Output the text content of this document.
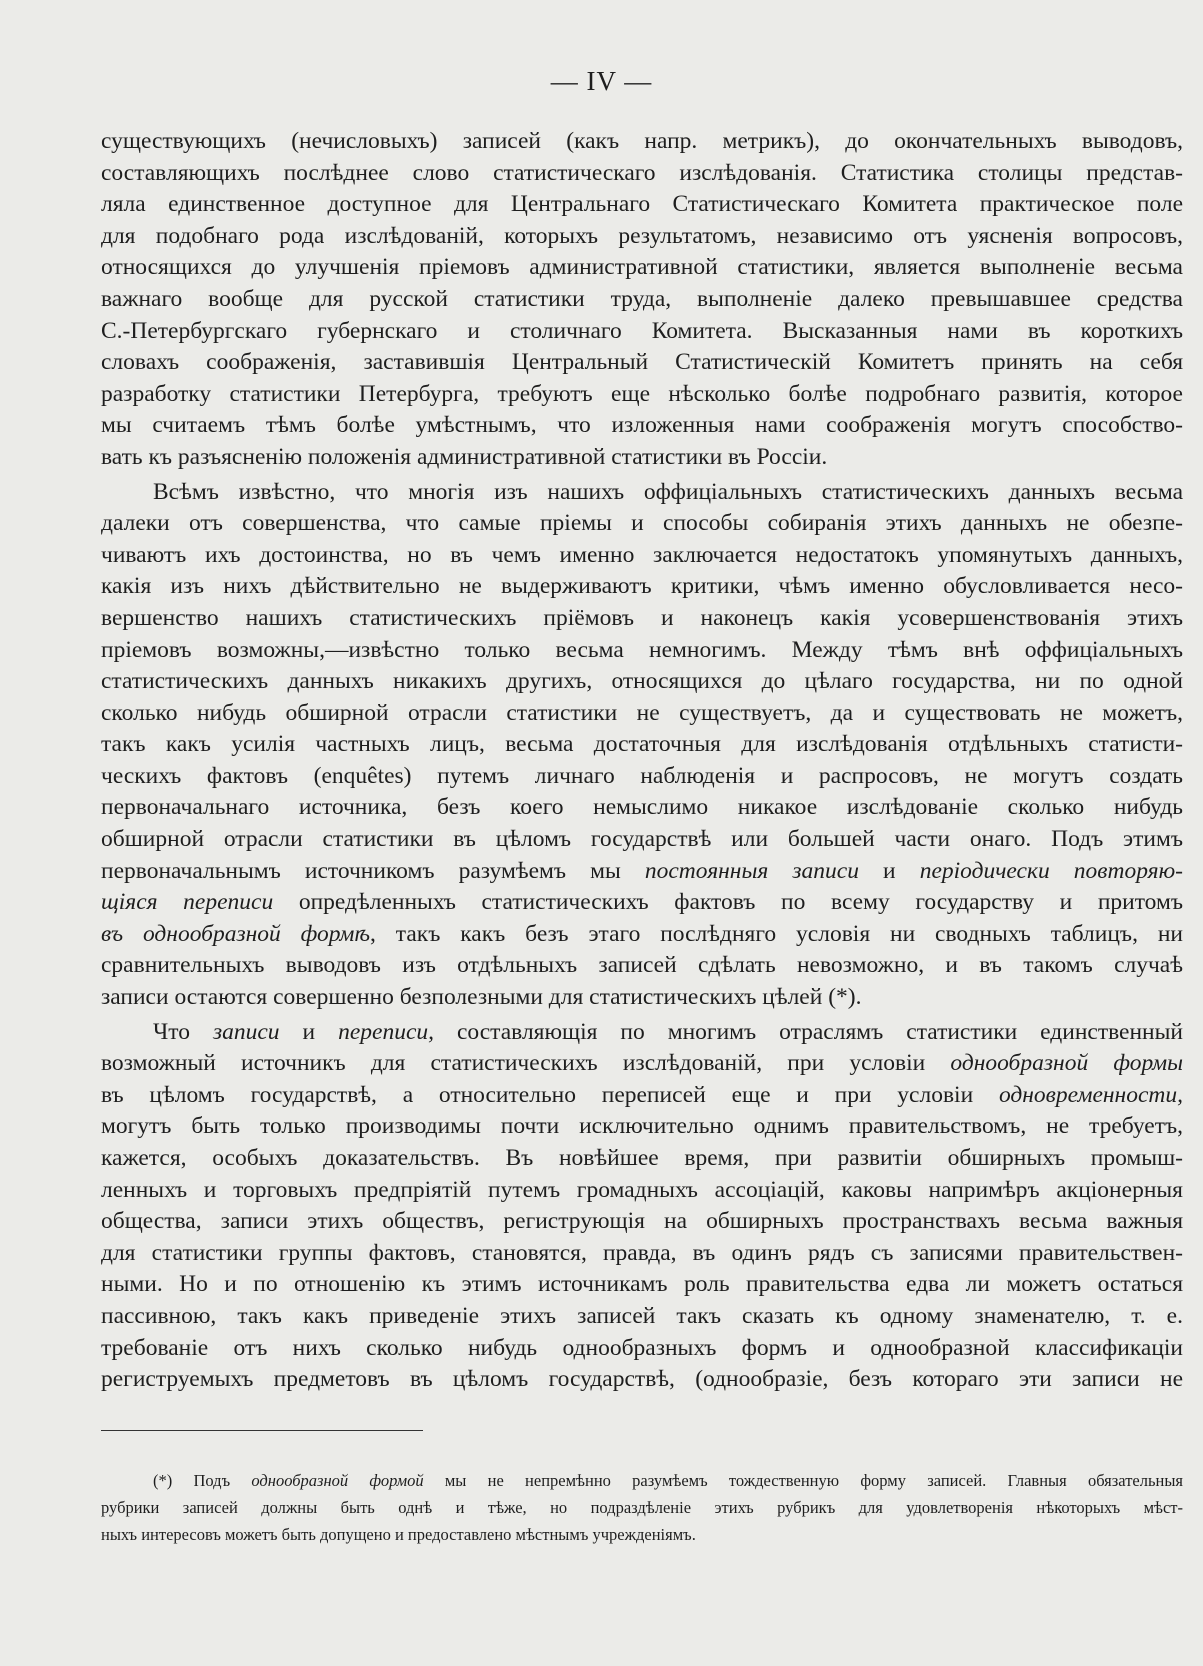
— IV —
существующихъ (нечисловыхъ) записей (какъ напр. метрикъ), до окончательныхъ выводовъ,
составляющихъ послѣднее слово статистическаго изслѣдованія. Статистика столицы представ-
ляла единственное доступное для Центральнаго Статистическаго Комитета практическое поле
для подобнаго рода изслѣдованій, которыхъ результатомъ, независимо отъ уясненія вопросовъ,
относящихся до улучшенія пріемовъ административной статистики, является выполненіе весьма
важнаго вообще для русской статистики труда, выполненіе далеко превышавшее средства
С.-Петербургскаго губернскаго и столичнаго Комитета. Высказанныя нами въ короткихъ
словахъ соображенія, заставившія Центральный Статистическій Комитетъ принять на себя
разработку статистики Петербурга, требуютъ еще нѣсколько болѣе подробнаго развитія, которое
мы считаемъ тѣмъ болѣе умѣстнымъ, что изложенныя нами соображенія могутъ способство-
вать къ разъясненію положенія административной статистики въ Россіи.
Всѣмъ извѣстно, что многія изъ нашихъ оффиціальныхъ статистическихъ данныхъ весьма
далеки отъ совершенства, что самые пріемы и способы собиранія этихъ данныхъ не обезпе-
чиваютъ ихъ достоинства, но въ чемъ именно заключается недостатокъ упомянутыхъ данныхъ,
какія изъ нихъ дѣйствительно не выдерживаютъ критики, чѣмъ именно обусловливается несо-
вершенство нашихъ статистическихъ пріёмовъ и наконецъ какія усовершенствованія этихъ
пріемовъ возможны,—извѣстно только весьма немногимъ. Между тѣмъ внѣ оффиціальныхъ
статистическихъ данныхъ никакихъ другихъ, относящихся до цѣлаго государства, ни по одной
сколько нибудь обширной отрасли статистики не существуетъ, да и существовать не можетъ,
такъ какъ усилія частныхъ лицъ, весьма достаточныя для изслѣдованія отдѣльныхъ статисти-
ческихъ фактовъ (enquêtes) путемъ личнаго наблюденія и распросовъ, не могутъ создать
первоначальнаго источника, безъ коего немыслимо никакое изслѣдованіе сколько нибудь
обширной отрасли статистики въ цѣломъ государствѣ или большей части онаго. Подъ этимъ
первоначальнымъ источникомъ разумѣемъ мы постоянныя записи и періодически повторяю-
щіяся переписи опредѣленныхъ статистическихъ фактовъ по всему государству и притомъ
въ однообразной формѣ, такъ какъ безъ этаго послѣдняго условія ни сводныхъ таблицъ, ни
сравнительныхъ выводовъ изъ отдѣльныхъ записей сдѣлать невозможно, и въ такомъ случаѣ
записи остаются совершенно безполезными для статистическихъ цѣлей (*).
Что записи и переписи, составляющія по многимъ отраслямъ статистики единственный
возможный источникъ для статистическихъ изслѣдованій, при условіи однообразной формы
въ цѣломъ государствѣ, а относительно переписей еще и при условіи одновременности,
могутъ быть только производимы почти исключительно однимъ правительствомъ, не требуетъ,
кажется, особыхъ доказательствъ. Въ новѣйшее время, при развитіи обширныхъ промыш-
ленныхъ и торговыхъ предпріятій путемъ громадныхъ ассоціацій, каковы напримѣръ акціонерныя
общества, записи этихъ обществъ, региструющія на обширныхъ пространствахъ весьма важныя
для статистики группы фактовъ, становятся, правда, въ одинъ рядъ съ записями правительствен-
ными. Но и по отношенію къ этимъ источникамъ роль правительства едва ли можетъ остаться
пассивною, такъ какъ приведеніе этихъ записей такъ сказать къ одному знаменателю, т. е.
требованіе отъ нихъ сколько нибудь однообразныхъ формъ и однообразной классификаціи
региструемыхъ предметовъ въ цѣломъ государствѣ, (однообразіе, безъ котораго эти записи не
(*) Подъ однообразной формой мы не непремѣнно разумѣемъ тождественную форму записей. Главныя обязательныя
рубрики записей должны быть однѣ и тѣже, но подраздѣленіе этихъ рубрикъ для удовлетворенія нѣкоторыхъ мѣст-
ныхъ интересовъ можетъ быть допущено и предоставлено мѣстнымъ учрежденіямъ.
